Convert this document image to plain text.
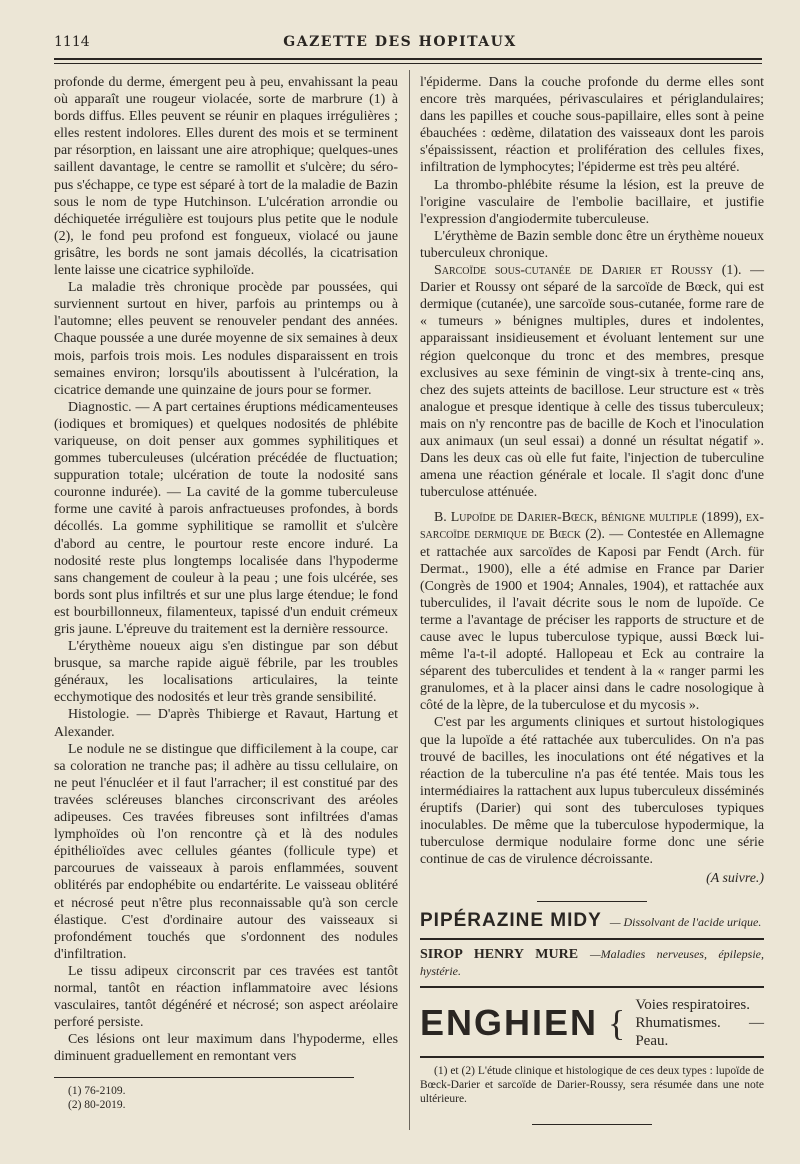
1114	GAZETTE DES HOPITAUX

profonde du derme, émergent peu à peu, envahissant la peau où apparaît une rougeur violacée, sorte de marbrure (1) à bords diffus. Elles peuvent se réunir en plaques irrégulières ; elles restent indolores. Elles durent des mois et se terminent par résorption, en laissant une aire atrophique; quelques-unes saillent davantage, le centre se ramollit et s'ulcère; du séro-pus s'échappe, ce type est séparé à tort de la maladie de Bazin sous le nom de type Hutchinson. L'ulcération arrondie ou déchiquetée irrégulière est toujours plus petite que le nodule (2), le fond peu profond est fongueux, violacé ou jaune grisâtre, les bords ne sont jamais décollés, la cicatrisation lente laisse une cicatrice syphiloïde.

La maladie très chronique procède par poussées, qui surviennent surtout en hiver, parfois au printemps ou à l'automne; elles peuvent se renouveler pendant des années. Chaque poussée a une durée moyenne de six semaines à deux mois, parfois trois mois. Les nodules disparaissent en trois semaines environ; lorsqu'ils aboutissent à l'ulcération, la cicatrice demande une quinzaine de jours pour se former.

Diagnostic. — A part certaines éruptions médicamenteuses (iodiques et bromiques) et quelques nodosités de phlébite variqueuse, on doit penser aux gommes syphilitiques et gommes tuberculeuses (ulcération précédée de fluctuation; suppuration totale; ulcération de toute la nodosité sans couronne indurée). — La cavité de la gomme tuberculeuse forme une cavité à parois anfractueuses profondes, à bords décollés. La gomme syphilitique se ramollit et s'ulcère d'abord au centre, le pourtour reste encore induré. La nodosité reste plus longtemps localisée dans l'hypoderme sans changement de couleur à la peau ; une fois ulcérée, ses bords sont plus infiltrés et sur une plus large étendue; le fond est bourbillonneux, filamenteux, tapissé d'un enduit crémeux gris jaune. L'épreuve du traitement est la dernière ressource.

L'érythème noueux aigu s'en distingue par son début brusque, sa marche rapide aiguë fébrile, par les troubles généraux, les localisations articulaires, la teinte ecchymotique des nodosités et leur très grande sensibilité.

Histologie. — D'après Thibierge et Ravaut, Hartung et Alexander.

Le nodule ne se distingue que difficilement à la coupe, car sa coloration ne tranche pas; il adhère au tissu cellulaire, on ne peut l'énucléer et il faut l'arracher; il est constitué par des travées scléreuses blanches circonscrivant des aréoles adipeuses. Ces travées fibreuses sont infiltrées d'amas lymphoïdes où l'on rencontre çà et là des nodules épithélioïdes avec cellules géantes (follicule type) et parcourues de vaisseaux à parois enflammées, souvent oblitérés par endophébite ou endartérite. Le vaisseau oblitéré et nécrosé peut n'être plus reconnaissable qu'à son cercle élastique. C'est d'ordinaire autour des vaisseaux si profondément touchés que s'ordonnent des nodules d'infiltration.

Le tissu adipeux circonscrit par ces travées est tantôt normal, tantôt en réaction inflammatoire avec lésions vasculaires, tantôt dégénéré et nécrosé; son aspect aréolaire perforé persiste.

Ces lésions ont leur maximum dans l'hypoderme, elles diminuent graduellement en remontant vers

(1) 76-2109.

(2) 80-2019.

l'épiderme. Dans la couche profonde du derme elles sont encore très marquées, périvasculaires et périglandulaires; dans les papilles et couche sous-papillaire, elles sont à peine ébauchées : œdème, dilatation des vaisseaux dont les parois s'épaississent, réaction et prolifération des cellules fixes, infiltration de lymphocytes; l'épiderme est très peu altéré.

La thrombo-phlébite résume la lésion, est la preuve de l'origine vasculaire de l'embolie bacillaire, et justifie l'expression d'angiodermite tuberculeuse.

L'érythème de Bazin semble donc être un érythème noueux tuberculeux chronique.

Sarcoïde sous-cutanée de Darier et Roussy (1). — Darier et Roussy ont séparé de la sarcoïde de Bœck, qui est dermique (cutanée), une sarcoïde sous-cutanée, forme rare de « tumeurs » bénignes multiples, dures et indolentes, apparaissant insidieusement et évoluant lentement sur une région quelconque du tronc et des membres, presque exclusives au sexe féminin de vingt-six à trente-cinq ans, chez des sujets atteints de bacillose. Leur structure est « très analogue et presque identique à celle des tissus tuberculeux; mais on n'y rencontre pas de bacille de Koch et l'inoculation aux animaux (un seul essai) a donné un résultat négatif ». Dans les deux cas où elle fut faite, l'injection de tuberculine amena une réaction générale et locale. Il s'agit donc d'une tuberculose atténuée.

B. Lupoïde de Darier-Bœck, bénigne multiple (1899), ex-sarcoïde dermique de Bœck (2). — Contestée en Allemagne et rattachée aux sarcoïdes de Kaposi par Fendt (Arch. für Dermat., 1900), elle a été admise en France par Darier (Congrès de 1900 et 1904; Annales, 1904), et rattachée aux tuberculides, il l'avait décrite sous le nom de lupoïde. Ce terme a l'avantage de préciser les rapports de structure et de cause avec le lupus tuberculose typique, aussi Bœck lui-même l'a-t-il adopté. Hallopeau et Eck au contraire la séparent des tuberculides et tendent à la « ranger parmi les granulomes, et à la placer ainsi dans le cadre nosologique à côté de la lèpre, de la tuberculose et du mycosis ».

C'est par les arguments cliniques et surtout histologiques que la lupoïde a été rattachée aux tuberculides. On n'a pas trouvé de bacilles, les inoculations ont été négatives et la réaction de la tuberculine n'a pas été tentée. Mais tous les intermédiaires la rattachent aux lupus tuberculeux disséminés éruptifs (Darier) qui sont des tuberculoses typiques inoculables. De même que la tuberculose hypodermique, la tuberculose dermique nodulaire forme donc une série continue de cas de virulence décroissante.

(A suivre.)
PIPÉRAZINE MIDY — Dissolvant de l'acide urique.
SIROP HENRY MURE —Maladies nerveuses, épilepsie, hystérie.
ENGHIEN { Voies respiratoires.
Rhumatismes. — Peau.

(1) et (2) L'étude clinique et histologique de ces deux types : lupoïde de Bœck-Darier et sarcoïde de Darier-Roussy, sera résumée dans une note ultérieure.
